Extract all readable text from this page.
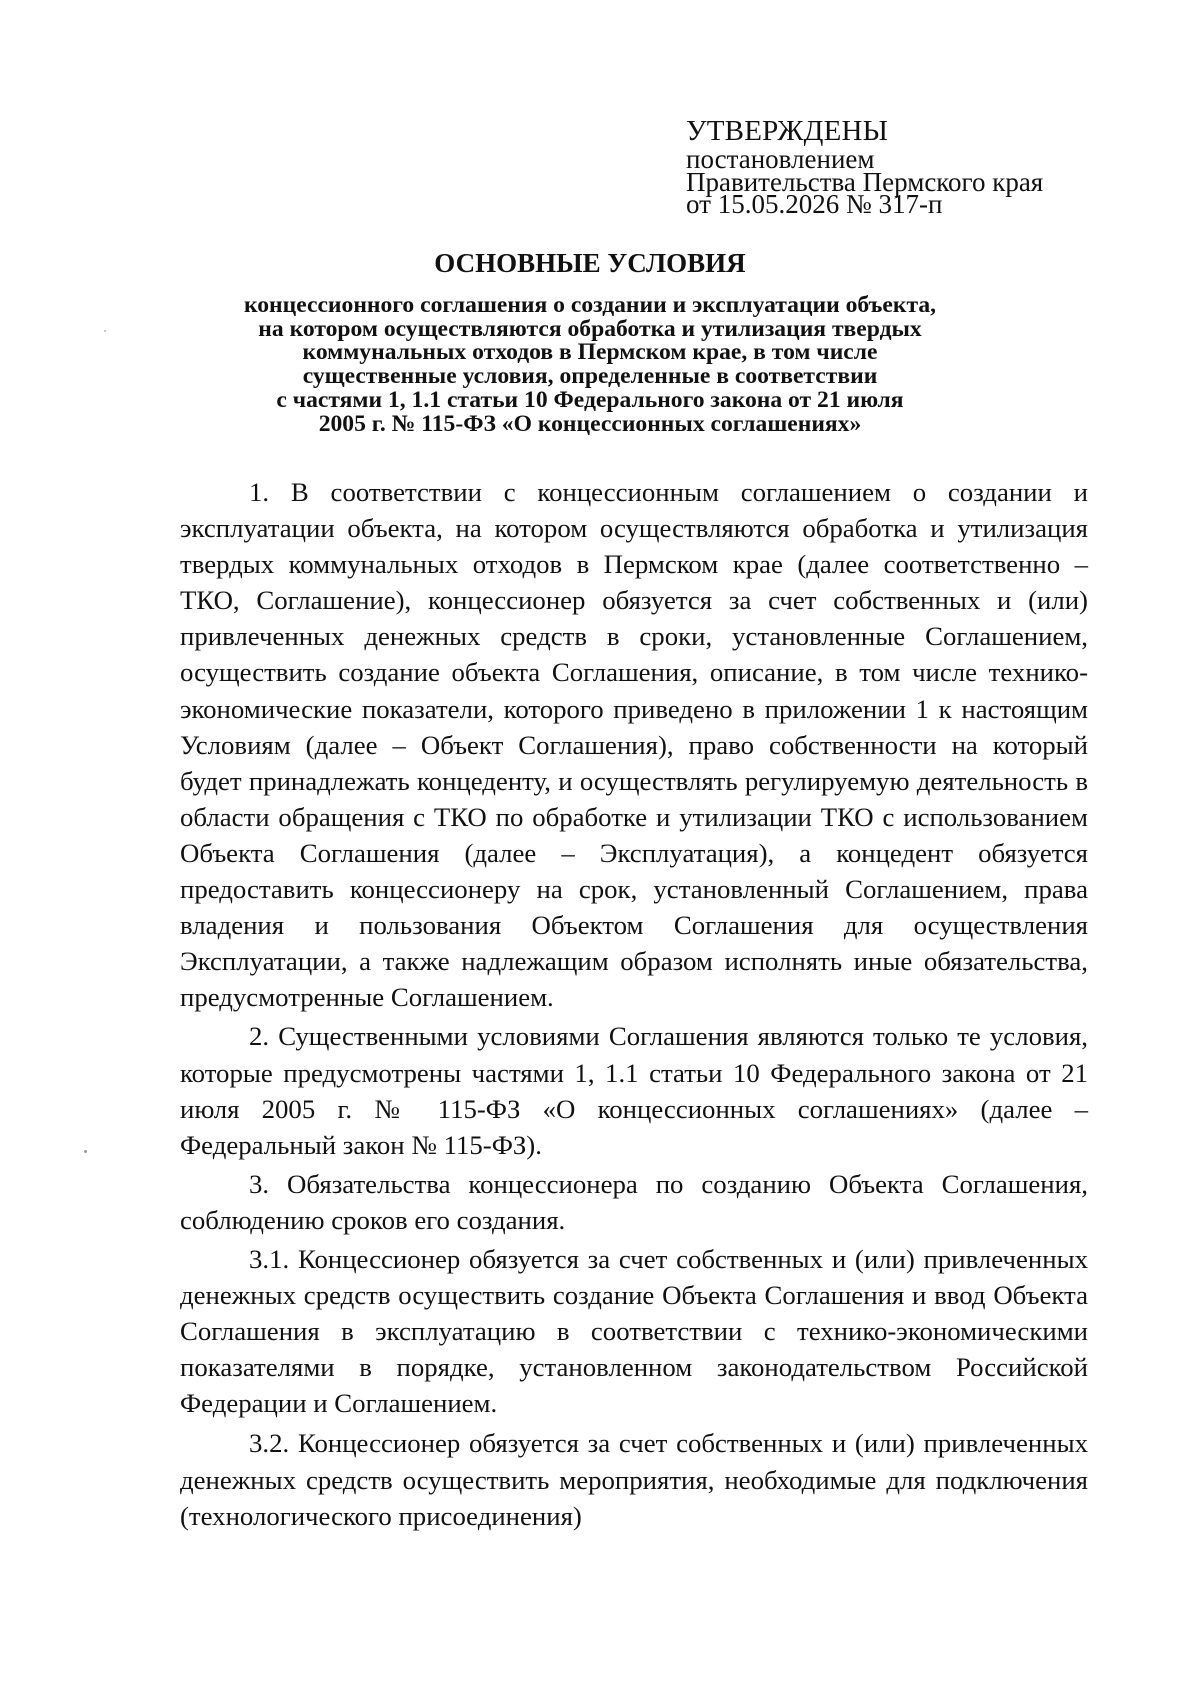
УТВЕРЖДЕНЫ
постановлением
Правительства Пермского края
от 15.05.2026 № 317-п
ОСНОВНЫЕ УСЛОВИЯ
концессионного соглашения о создании и эксплуатации объекта,
на котором осуществляются обработка и утилизация твердых
коммунальных отходов в Пермском крае, в том числе
существенные условия, определенные в соответствии
с частями 1, 1.1 статьи 10 Федерального закона от 21 июля
2005 г. № 115-ФЗ «О концессионных соглашениях»

1. В соответствии с концессионным соглашением о создании и эксплуатации объекта, на котором осуществляются обработка и утилизация твердых коммунальных отходов в Пермском крае (далее соответственно – ТКО, Соглашение), концессионер обязуется за счет собственных и (или) привлеченных денежных средств в сроки, установленные Соглашением, осуществить создание объекта Соглашения, описание, в том числе технико-экономические показатели, которого приведено в приложении 1 к настоящим Условиям (далее – Объект Соглашения), право собственности на который будет принадлежать концеденту, и осуществлять регулируемую деятельность в области обращения с ТКО по обработке и утилизации ТКО с использованием Объекта Соглашения (далее – Эксплуатация), а концедент обязуется предоставить концессионеру на срок, установленный Соглашением, права владения и пользования Объектом Соглашения для осуществления Эксплуатации, а также надлежащим образом исполнять иные обязательства, предусмотренные Соглашением.

2. Существенными условиями Соглашения являются только те условия, которые предусмотрены частями 1, 1.1 статьи 10 Федерального закона от 21 июля 2005 г. № 115-ФЗ «О концессионных соглашениях» (далее – Федеральный закон № 115-ФЗ).

3. Обязательства концессионера по созданию Объекта Соглашения, соблюдению сроков его создания.

3.1. Концессионер обязуется за счет собственных и (или) привлеченных денежных средств осуществить создание Объекта Соглашения и ввод Объекта Соглашения в эксплуатацию в соответствии с технико-экономическими показателями в порядке, установленном законодательством Российской Федерации и Соглашением.

3.2. Концессионер обязуется за счет собственных и (или) привлеченных денежных средств осуществить мероприятия, необходимые для подключения (технологического присоединения)
